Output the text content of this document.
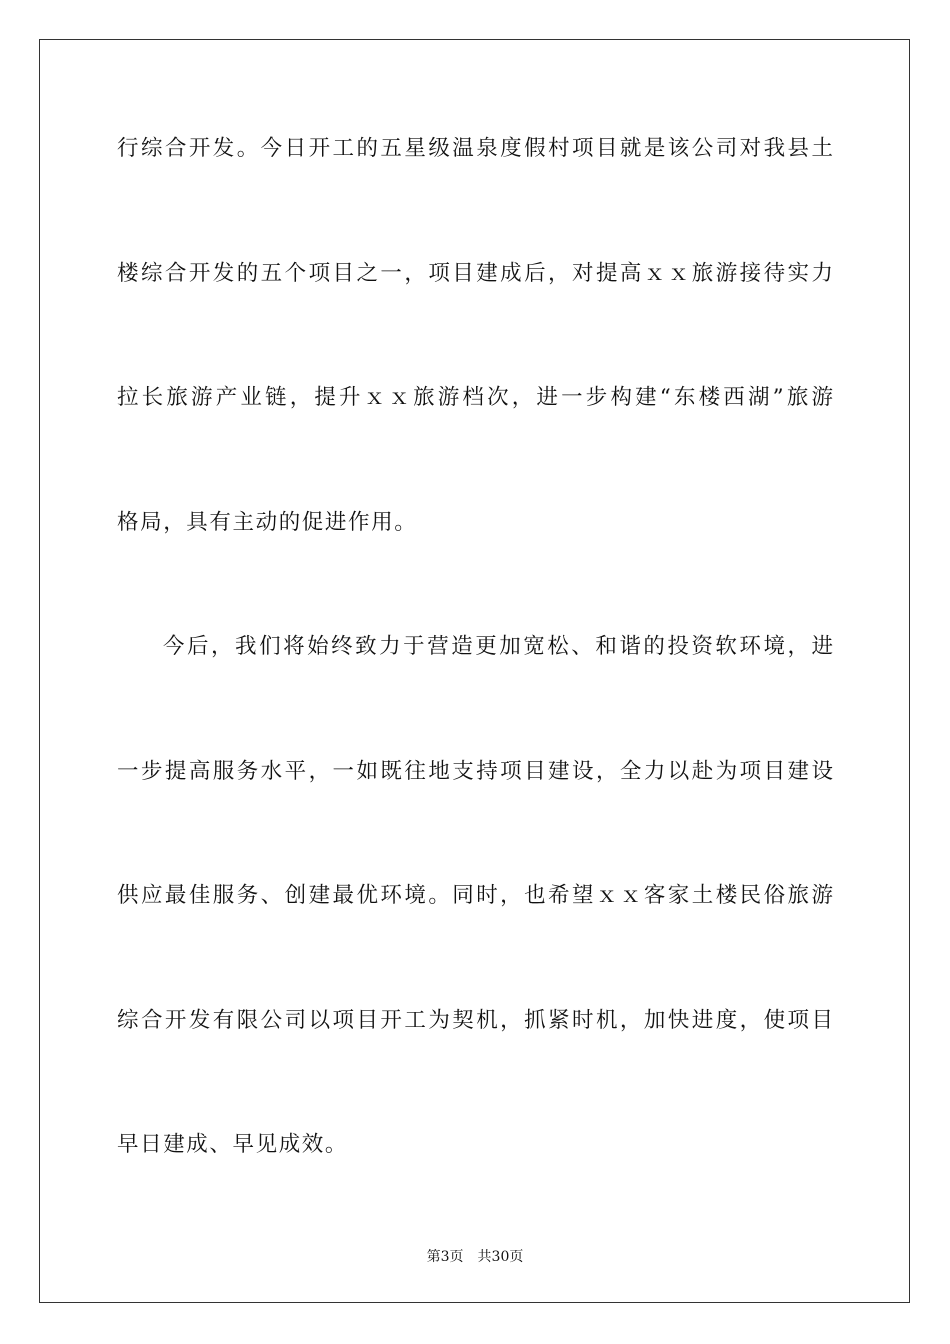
行综合开发。今日开工的五星级温泉度假村项目就是该公司对我县土
楼综合开发的五个项目之一，项目建成后，对提高ｘｘ旅游接待实力
拉长旅游产业链，提升ｘｘ旅游档次，进一步构建“东楼西湖”旅游
格局，具有主动的促进作用。
今后，我们将始终致力于营造更加宽松、和谐的投资软环境，进
一步提高服务水平，一如既往地支持项目建设，全力以赴为项目建设
供应最佳服务、创建最优环境。同时，也希望ｘｘ客家土楼民俗旅游
综合开发有限公司以项目开工为契机，抓紧时机，加快进度，使项目
早日建成、早见成效。
第3页 共30页
